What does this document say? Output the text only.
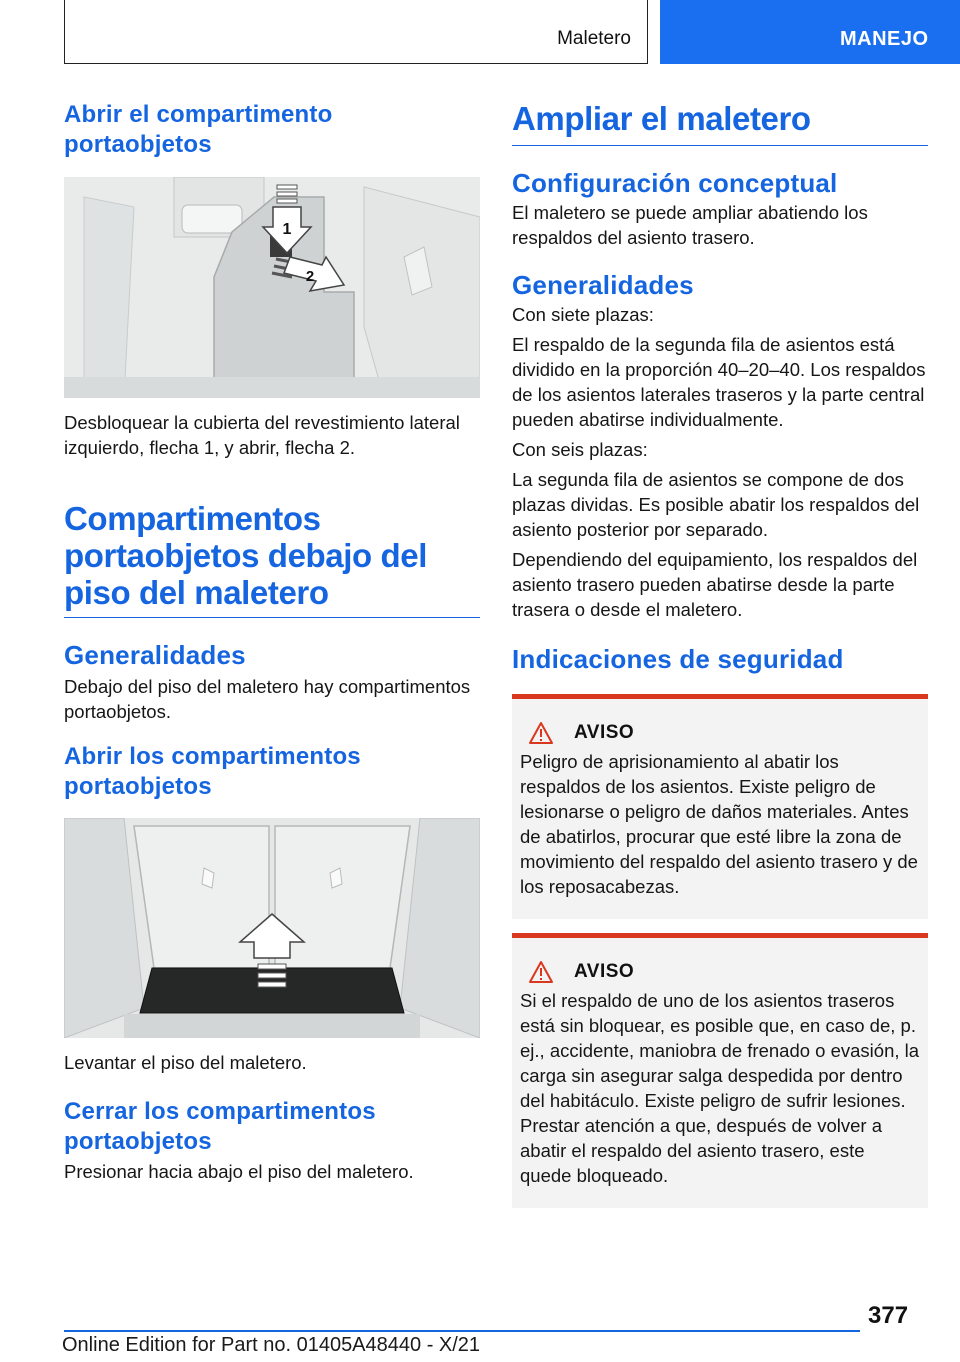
Maletero	MANEJO
Abrir el compartimento portaobjetos
1
2

Desbloquear la cubierta del revestimiento lateral izquierdo, flecha 1, y abrir, flecha 2.

Compartimentos portaobjetos debajo del piso del maletero
Generalidades

Debajo del piso del maletero hay compartimentos portaobjetos.

Abrir los compartimentos portaobjetos

Levantar el piso del maletero.

Cerrar los compartimentos portaobjetos

Presionar hacia abajo el piso del maletero.

Ampliar el maletero
Configuración conceptual

El maletero se puede ampliar abatiendo los respaldos del asiento trasero.

Generalidades

Con siete plazas:

El respaldo de la segunda fila de asientos está dividido en la proporción 40–20–40. Los respaldos de los asientos laterales traseros y la parte central pueden abatirse individualmente.

Con seis plazas:

La segunda fila de asientos se compone de dos plazas dividas. Es posible abatir los respaldos del asiento posterior por separado.

Dependiendo del equipamiento, los respaldos del asiento trasero pueden abatirse desde la parte trasera o desde el maletero.

Indicaciones de seguridad
AVISO

Peligro de aprisionamiento al abatir los respaldos de los asientos. Existe peligro de lesionarse o peligro de daños materiales. Antes de abatirlos, procurar que esté libre la zona de movimiento del respaldo del asiento trasero y de los reposacabezas.

AVISO

Si el respaldo de uno de los asientos traseros está sin bloquear, es posible que, en caso de, p. ej., accidente, maniobra de frenado o evasión, la carga sin asegurar salga despedida por dentro del habitáculo. Existe peligro de sufrir lesiones. Prestar atención a que, después de volver a abatir el respaldo del asiento trasero, este quede bloqueado.

377
Online Edition for Part no. 01405A48440 - X/21
